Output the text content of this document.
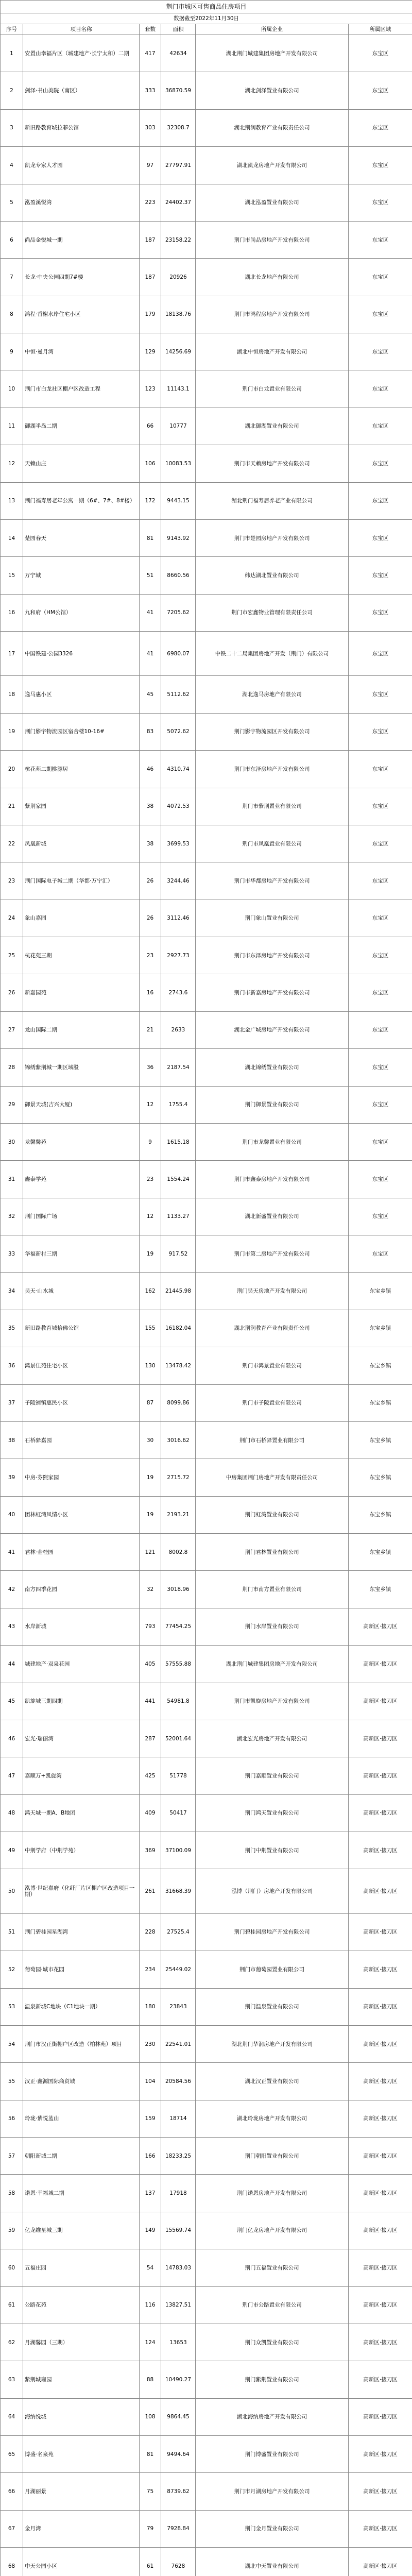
荆门市城区可售商品住房项目					
数据截至2022年11月30日					
序号	项目名称	套数	面积	所属企业	所属区域
1	安置山幸福片区（城建地产·长宁太和）二期	417	42634	湖北荆门城建集团房地产开发有限公司	东宝区
2	剑泽·书山美院（南区）	333	36870.59	湖北剑泽置业有限公司	东宝区
3	新旧路教育城拉菲公馆	303	32308.7	湖北荆润教育产业有限责任公司	东宝区
4	凯龙专家人才园	97	27797.91	湖北凯龙房地产开发有限公司	东宝区
5	泓盈溪悦湾	223	24402.37	湖北泓盈置业有限公司	东宝区
6	尚品金悦城一期	187	23158.22	荆门市尚品房地产开发有限公司	东宝区
7	长龙·中央公园四期7#楼	187	20926	湖北长龙地产有限公司	东宝区
8	鸿程·香榭水岸住宅小区	179	18138.76	荆门市鸿程房地产开发有限公司	东宝区
9	中恒·曼月湾	129	14256.69	湖北中恒房地产开发有限公司	东宝区
10	荆门市白龙社区棚户区改造工程	123	11143.1	荆门市白龙置业有限公司	东宝区
11	御湖半岛二期	66	10777	湖北御湖置业有限公司	东宝区
12	天赖山庄	106	10083.53	荆门市天赖房地产开发有限公司	东宝区
13	荆门福寿居老年公寓一期（6#、7#、8#楼）	172	9443.15	湖北荆门福寿居养老产业有限公司	东宝区
14	楚园春天	81	9143.92	荆门市楚园房地产开发有限公司	东宝区
15	万宁城	51	8660.56	纬达湖北置业有限公司	东宝区
16	九和府（HM公馆）	41	7205.62	荆门市宏鑫物业管理有限责任公司	东宝区
17	中国铁建·公园3326	41	6980.07	中铁二十二局集团房地产开发（荆门）有限公司	东宝区
18	逸马惠小区	45	5112.62	湖北逸马房地产有限公司	东宝区
19	荆门影宇物流园区宿舍楼10-16#	83	5072.62	荆门影宇物流园区开发有限公司	东宝区
20	杭花苑二期桃源居	46	4310.74	荆门市东泽房地产开发有限公司	东宝区
21	紫荆家园	38	4072.53	荆门市紫荆置业有限公司	东宝区
22	凤凰新城	38	3699.53	荆门市凤凰置业有限公司	东宝区
23	荆门国际电子城二期（华都·万宁汇）	26	3244.46	荆门市华都房地产开发有限公司	东宝区
24	象山嘉园	26	3112.46	荆门象山置业有限公司	东宝区
25	杭花苑三期	23	2927.73	荆门市东泽房地产开发有限公司	东宝区
26	新嘉园苑	16	2743.6	荆门市新嘉房地产开发有限公司	东宝区
27	龙山国际二期	21	2633	湖北金广城房地产开发有限公司	东宝区
28	锦绣紫荆城一期区域股	36	2187.54	湖北锦绣置业有限公司	东宝区
29	御景天城(吉兴大厦)	12	1755.4	荆门御景置业有限公司	东宝区
30	龙馨馨苑	9	1615.18	荆门市龙馨置业有限公司	东宝区
31	鑫泰学苑	23	1554.24	荆门市鑫泰房地产开发有限公司	东宝区
32	荆门国际广场	12	1133.27	湖北新盛置业有限公司	东宝区
33	华福新村三期	19	917.52	荆门市第二房地产开发有限公司	东宝区
34	吴天·山水城	162	21445.98	荆门吴天房地产开发有限公司	东宝乡镇
35	新旧路教育城拾佛公馆	155	16182.04	湖北荆润教育产业有限责任公司	东宝乡镇
36	鸿景佳苑住宅小区	130	13478.42	荆门市鸿景置业有限公司	东宝乡镇
37	子陵铺镇惠民小区	87	8099.86	荆门市子陵置业有限公司	东宝乡镇
38	石桥驿嘉园	30	3016.62	荆门市石桥驿置业有限公司	东宝乡镇
39	中房·芬熙家园	19	2715.72	中房集团荆门房地产开发有限责任公司	东宝乡镇
40	团林虹湾风情小区	19	2193.21	荆门虹湾置业有限公司	东宝乡镇
41	君林·金桂园	121	8002.8	荆门君林置业有限公司	东宝乡镇
42	南方四季花园	32	3018.96	荆门市南方置业有限公司	东宝乡镇
43	水岸新城	793	77454.25	荆门水岸置业有限公司	高新区·掇刀区
44	城建地产·双泉花园	405	57555.88	湖北荆门城建集团房地产开发有限公司	高新区·掇刀区
45	凯旋城三期四期	441	54981.8	荆门市凯旋房地产开发有限公司	高新区·掇刀区
46	宏光·瑞丽湾	287	52001.64	湖北宏光房地产开发有限公司	高新区·掇刀区
47	嘉顺万+凯旋湾	425	51778	荆门嘉顺置业有限公司	高新区·掇刀区
48	鸿天城一期A、B地团	409	50417	荆门鸿天置业有限公司	高新区·掇刀区
49	中荆学府（中荆学苑）	369	37100.09	荆门中荆置业有限公司	高新区·掇刀区
50	泓博·世纪嘉府（化纤厂片区棚户区改造项目一期）	261	31668.39	泓博（荆门）房地产开发有限公司	高新区·掇刀区
51	荆门碧桂园星湖湾	228	27525.4	荆门碧桂园房地产开发有限公司	高新区·掇刀区
52	葡萄园·城市花园	234	25449.02	荆门市葡萄园置业有限公司	高新区·掇刀区
53	温泉新城C地块（C1地块一期）	180	23843	荆门温泉置业有限公司	高新区·掇刀区
54	荆门市汉正街棚户区改造（柏林苑）项目	230	22541.01	湖北荆门华润房地产开发有限公司	高新区·掇刀区
55	汉正·鑫源国际商贸城	104	20584.56	湖北汉正置业有限公司	高新区·掇刀区
56	玲珑·紫悦蓝山	159	18714	湖北玲珑房地产开发有限公司	高新区·掇刀区
57	朝阳新城二期	166	18233.25	荆门朝阳置业有限公司	高新区·掇刀区
58	诺恩·幸福城二期	137	17918	荆门诺恩房地产开发有限公司	高新区·掇刀区
59	亿龙维星城三期	149	15569.74	荆门亿龙房地产开发有限公司	高新区·掇刀区
60	五福庄园	54	14783.03	荆门五福置业有限公司	高新区·掇刀区
61	公路花苑	116	13827.51	荆门市公路置业有限公司	高新区·掇刀区
62	月湖馨园（三期）	124	13653	荆门众凯置业有限公司	高新区·掇刀区
63	紫荆城雍园	88	10490.27	荆门紫荆置业有限公司	高新区·掇刀区
64	海纳悦城	108	9864.45	湖北海纳房地产开发有限公司	高新区·掇刀区
65	博盛·名泉苑	81	9494.64	荆门博盛置业有限公司	高新区·掇刀区
66	月湖丽景	75	8739.62	荆门市月湖房地产开发有限公司	高新区·掇刀区
67	金月湾	79	7928.84	荆门金月置业有限公司	高新区·掇刀区
68	中天公园小区	61	7628	湖北中天置业有限公司	高新区·掇刀区
